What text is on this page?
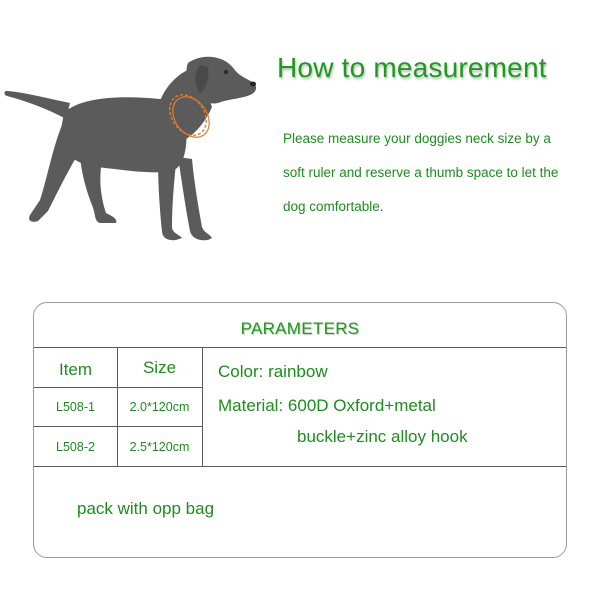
How to measurement
Please measure your doggies neck size by a
soft ruler and reserve a thumb space to let the
dog comfortable.
PARAMETERS
Item	Size
L508-1	2.0*120cm
L508-2	2.5*120cm
Color: rainbow
Material: 600D Oxford+metal
buckle+zinc alloy hook
pack with opp bag
